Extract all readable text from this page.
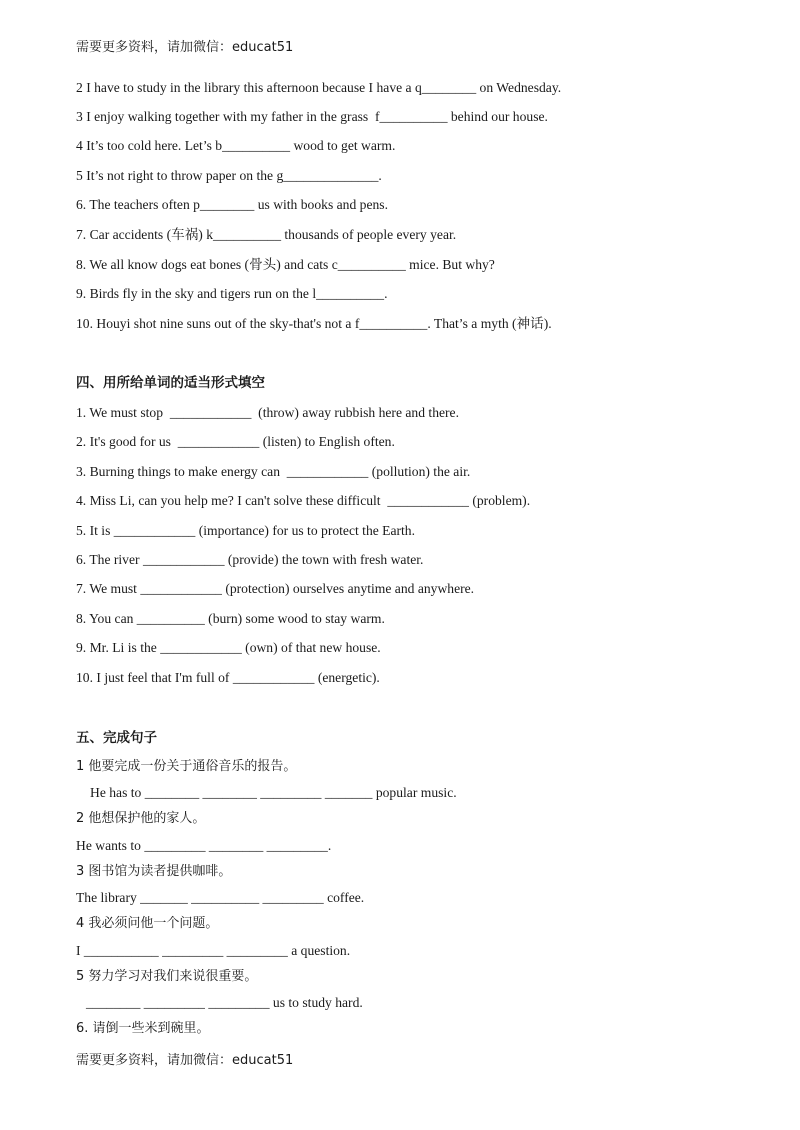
需要更多资料，请加微信：educat51
2 I have to study in the library this afternoon because I have a q________ on Wednesday.
3 I enjoy walking together with my father in the grass  f__________ behind our house.
4 It’s too cold here. Let’s b__________ wood to get warm.
5 It’s not right to throw paper on the g______________.
6. The teachers often p________ us with books and pens.
7. Car accidents (车祸) k__________ thousands of people every year.
8. We all know dogs eat bones (骨头) and cats c__________ mice. But why?
9. Birds fly in the sky and tigers run on the l__________.
10. Houyi shot nine suns out of the sky-that's not a f__________. That’s a myth (神话).
四、用所给单词的适当形式填空
1. We must stop  ____________  (throw) away rubbish here and there.
2. It's good for us  ____________ (listen) to English often.
3. Burning things to make energy can  ____________ (pollution) the air.
4. Miss Li, can you help me? I can't solve these difficult  ____________ (problem).
5. It is ____________ (importance) for us to protect the Earth.
6. The river ____________ (provide) the town with fresh water.
7. We must ____________ (protection) ourselves anytime and anywhere.
8. You can __________ (burn) some wood to stay warm.
9. Mr. Li is the ____________ (own) of that new house.
10. I just feel that I'm full of ____________ (energetic).
五、完成句子
1 他要完成一份关于通俗音乐的报告。
He has to ________ ________ _________ _______ popular music.
2 他想保护他的家人。
He wants to _________ ________ _________.
3 图书馆为读者提供咖啡。
The library _______ __________ _________ coffee.
4 我必须问他一个问题。
I ___________ _________ _________ a question.
5 努力学习对我们来说很重要。
________ _________ _________ us to study hard.
6. 请倒一些米到碗里。
需要更多资料，请加微信：educat51
